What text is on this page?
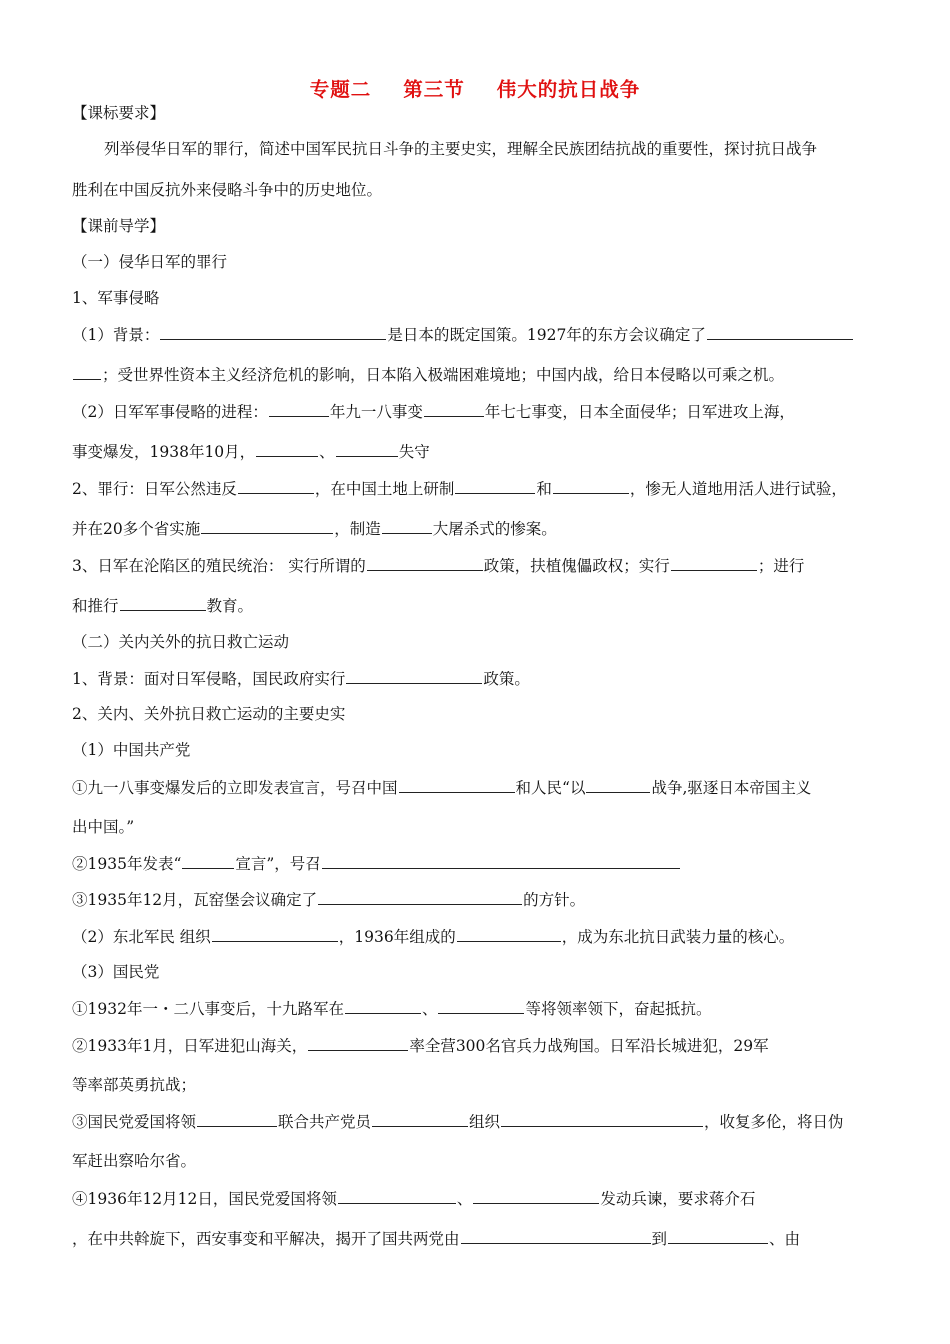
专题二 第三节 伟大的抗日战争
【课标要求】
列举侵华日军的罪行，简述中国军民抗日斗争的主要史实，理解全民族团结抗战的重要性，探讨抗日战争
胜利在中国反抗外来侵略斗争中的历史地位。
【课前导学】
（一）侵华日军的罪行
1、军事侵略
（1）背景：	是日本的既定国策。1927年的东方会议确定了
；受世界性资本主义经济危机的影响，日本陷入极端困难境地；中国内战，给日本侵略以可乘之机。
（2）日军军事侵略的进程：	年九一八事变	年七七事变，日本全面侵华；日军进攻上海，
事变爆发，1938年10月，	、	失守
2、罪行：日军公然违反	，在中国土地上研制	和	，惨无人道地用活人进行试验，
并在20多个省实施	，制造	大屠杀式的惨案。
3、日军在沦陷区的殖民统治： 实行所谓的	政策，扶植傀儡政权；实行	；进行
和推行	教育。
（二）关内关外的抗日救亡运动
1、背景：面对日军侵略，国民政府实行	政策。
2、关内、关外抗日救亡运动的主要史实
（1）中国共产党
①九一八事变爆发后的立即发表宣言，号召中国	和人民“以	战争,驱逐日本帝国主义
出中国。”
②1935年发表“	宣言”，号召
③1935年12月，瓦窑堡会议确定了	的方针。
（2）东北军民 组织	，1936年组成的	，成为东北抗日武装力量的核心。
（3）国民党
①1932年一・二八事变后，十九路军在	、	等将领率领下，奋起抵抗。
②1933年1月，日军进犯山海关，	率全营300名官兵力战殉国。日军沿长城进犯，29军
等率部英勇抗战；
③国民党爱国将领	联合共产党员	组织	，收复多伦，将日伪
军赶出察哈尔省。
④1936年12月12日，国民党爱国将领	、	发动兵谏，要求蒋介石
，在中共斡旋下，西安事变和平解决，揭开了国共两党由	到	、由
